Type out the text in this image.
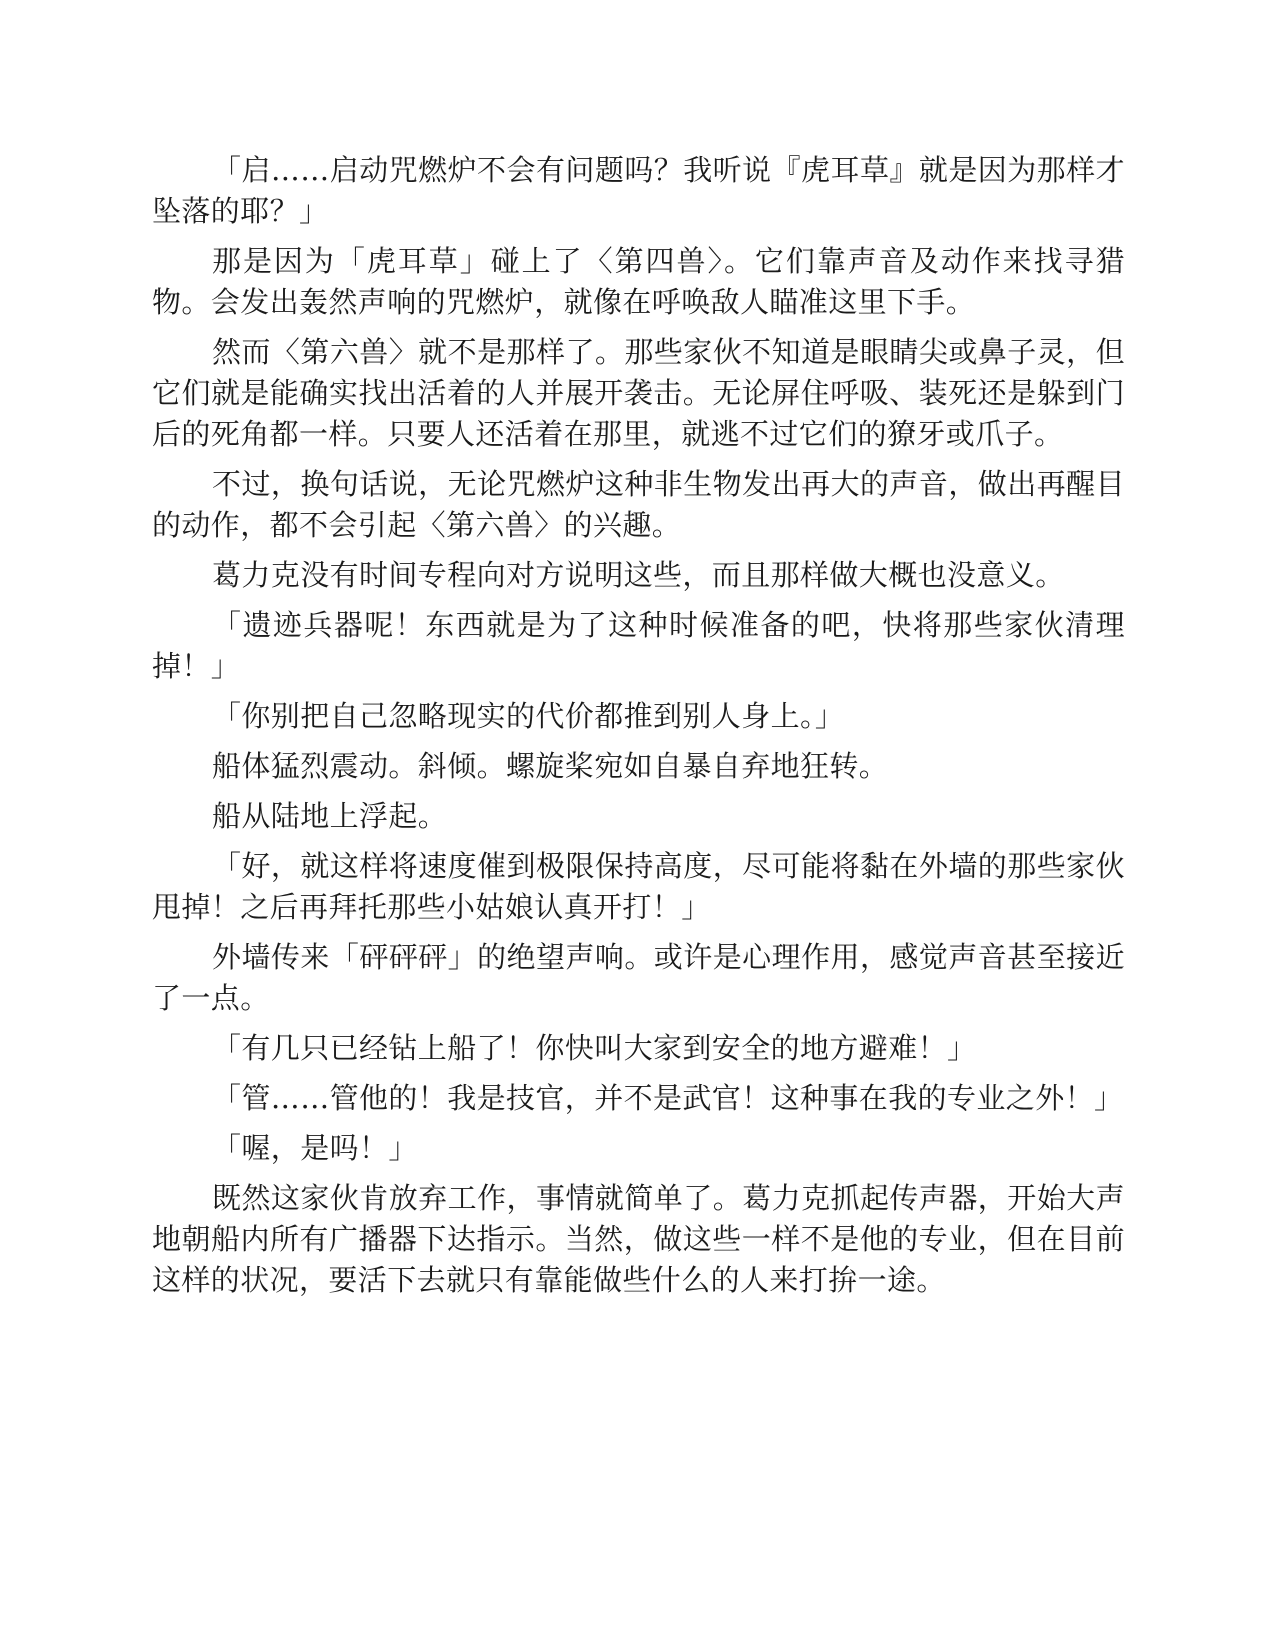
「启……启动咒燃炉不会有问题吗？我听说『虎耳草』就是因为那样才坠落的耶？」

那是因为「虎耳草」碰上了〈第四兽〉。它们靠声音及动作来找寻猎物。会发出轰然声响的咒燃炉，就像在呼唤敌人瞄准这里下手。

然而〈第六兽〉就不是那样了。那些家伙不知道是眼睛尖或鼻子灵，但它们就是能确实找出活着的人并展开袭击。无论屏住呼吸、装死还是躲到门后的死角都一样。只要人还活着在那里，就逃不过它们的獠牙或爪子。

不过，换句话说，无论咒燃炉这种非生物发出再大的声音，做出再醒目的动作，都不会引起〈第六兽〉的兴趣。

葛力克没有时间专程向对方说明这些，而且那样做大概也没意义。

「遗迹兵器呢！东西就是为了这种时候准备的吧，快将那些家伙清理掉！」

「你别把自己忽略现实的代价都推到别人身上。」

船体猛烈震动。斜倾。螺旋桨宛如自暴自弃地狂转。

船从陆地上浮起。

「好，就这样将速度催到极限保持高度，尽可能将黏在外墙的那些家伙甩掉！之后再拜托那些小姑娘认真开打！」

外墙传来「砰砰砰」的绝望声响。或许是心理作用，感觉声音甚至接近了一点。

「有几只已经钻上船了！你快叫大家到安全的地方避难！」

「管……管他的！我是技官，并不是武官！这种事在我的专业之外！」

「喔，是吗！」

既然这家伙肯放弃工作，事情就简单了。葛力克抓起传声器，开始大声地朝船内所有广播器下达指示。当然，做这些一样不是他的专业，但在目前这样的状况，要活下去就只有靠能做些什么的人来打拚一途。
